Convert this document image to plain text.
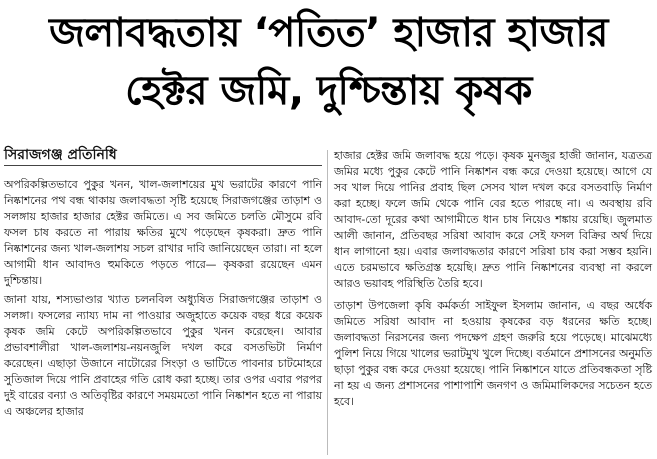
জলাবদ্ধতায় ‘পতিত’ হাজার হাজার
হেক্টর জমি, দুশ্চিন্তায় কৃষক
সিরাজগঞ্জ প্রতিনিধি

অপরিকল্পিতভাবে পুকুর খনন, খাল-জলাশয়ের মুখ ভরাটের কারণে পানি নিষ্কাশনের পথ বন্ধ থাকায় জলাবদ্ধতা সৃষ্টি হয়েছে সিরাজগঞ্জের তাড়াশ ও সলঙ্গায় হাজার হাজার হেক্টর জমিতে। এ সব জমিতে চলতি মৌসুমে রবি ফসল চাষ করতে না পারায় ক্ষতির মুখে পড়েছেন কৃষকরা। দ্রুত পানি নিষ্কাশনের জন্য খাল-জলাশয় সচল রাখার দাবি জানিয়েছেন তারা। না হলে আগামী ধান আবাদও হুমকিতে পড়তে পারে— কৃষকরা রয়েছেন এমন দুশ্চিন্তায়।

জানা যায়, শস্যভাণ্ডার খ্যাত চলনবিল অধ্যুষিত সিরাজগঞ্জের তাড়াশ ও সলঙ্গা। ফসলের ন্যায্য দাম না পাওয়ার অজুহাতে কয়েক বছর ধরে কয়েক কৃষক জমি কেটে অপরিকল্পিতভাবে পুকুর খনন করেছেন। আবার প্রভাবশালীরা খাল-জলাশয়-নয়নজুলি দখল করে বসতভিটা নির্মাণ করেছেন। এছাড়া উজানে নাটোরের সিংড়া ও ভাটিতে পাবনার চাটমোহরে সুতিজাল দিয়ে পানি প্রবাহের গতি রোধ করা হচ্ছে। তার ওপর এবার পরপর দুই বারের বন্যা ও অতিবৃষ্টির কারণে সময়মতো পানি নিষ্কাশন হতে না পারায় এ অঞ্চলের হাজার

হাজার হেক্টর জমি জলাবদ্ধ হয়ে পড়ে। কৃষক মুনজুর হাজী জানান, যত্রতত্র জমির মধ্যে পুকুর কেটে পানি নিষ্কাশন বন্ধ করে দেওয়া হয়েছে। আগে যে সব খাল দিয়ে পানির প্রবাহ ছিল সেসব খাল দখল করে বসতবাড়ি নির্মাণ করা হচ্ছে। ফলে জমি থেকে পানি বের হতে পারছে না। এ অবস্থায় রবি আবাদ-তো দূরের কথা আগামীতে ধান চাষ নিয়েও শঙ্কায় রয়েছি। জুলমাত আলী জানান, প্রতিবছর সরিষা আবাদ করে সেই ফসল বিক্রির অর্থ দিয়ে ধান লাগানো হয়। এবার জলাবদ্ধতার কারণে সরিষা চাষ করা সম্ভব হয়নি। এতে চরমভাবে ক্ষতিগ্রস্ত হয়েছি। দ্রুত পানি নিষ্কাশনের ব্যবস্থা না করলে আরও ভয়াবহ পরিস্থিতি তৈরি হবে।

তাড়াশ উপজেলা কৃষি কর্মকর্তা সাইফুল ইসলাম জানান, এ বছর অর্ধেক জমিতে সরিষা আবাদ না হওয়ায় কৃষকের বড় ধরনের ক্ষতি হচ্ছে। জলাবদ্ধতা নিরসনের জন্য পদক্ষেপ গ্রহণ জরুরি হয়ে পড়েছে। মাঝেমধ্যে পুলিশ নিয়ে গিয়ে খালের ভরাটমুখ খুলে দিচ্ছে। বর্তমানে প্রশাসনের অনুমতি ছাড়া পুকুর বন্ধ করে দেওয়া হয়েছে। পানি নিষ্কাশনে যাতে প্রতিবন্ধকতা সৃষ্টি না হয় এ জন্য প্রশাসনের পাশাপাশি জনগণ ও জমিমালিকদের সচেতন হতে হবে।
